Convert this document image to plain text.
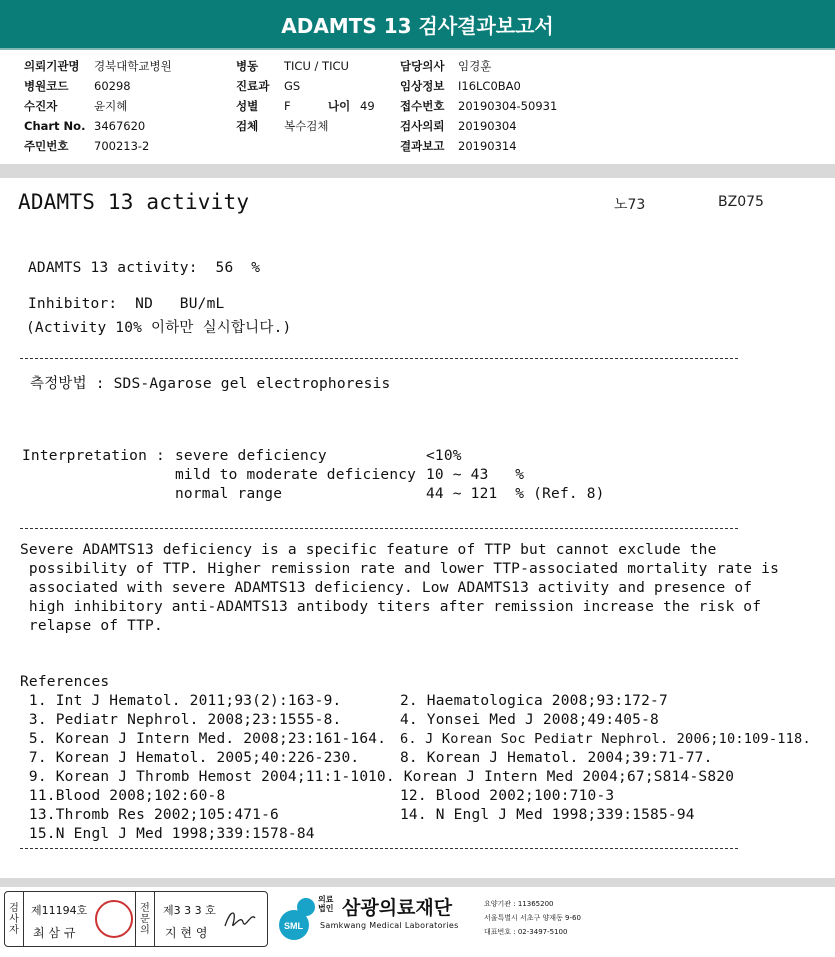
ADAMTS 13 검사결과보고서
의뢰기관명	경북대학교병원
병원코드	60298
수진자	윤지혜
Chart No. 3467620
주민번호	700213-2
병동	TICU / TICU
진료과	GS
성별	F	나이 49
검체	복수검체
담당의사	임경훈
임상정보	I16LC0BA0
접수번호	20190304-50931
검사의뢰	20190304
결과보고	20190314
ADAMTS 13 activity	노73	BZ075
ADAMTS 13 activity:  56  %
Inhibitor:  ND   BU/mL
(Activity 10% 이하만 실시합니다.)
측정방법 : SDS-Agarose gel electrophoresis
Interpretation : severe deficiency	<10%
mild to moderate deficiency 10 ~ 43   %
normal range	44 ~ 121  % (Ref. 8)
Severe ADAMTS13 deficiency is a specific feature of TTP but cannot exclude the
possibility of TTP. Higher remission rate and lower TTP-associated mortality rate is
associated with severe ADAMTS13 deficiency. Low ADAMTS13 activity and presence of
high inhibitory anti-ADAMTS13 antibody titers after remission increase the risk of
relapse of TTP.
References
1. Int J Hematol. 2011;93(2):163-9.
3. Pediatr Nephrol. 2008;23:1555-8.
5. Korean J Intern Med. 2008;23:161-164.
7. Korean J Hematol. 2005;40:226-230.
9. Korean J Thromb Hemost 2004;11:1-10
11.Blood 2008;102:60-8
13.Thromb Res 2002;105:471-6
15.N Engl J Med 1998;339:1578-84
2. Haematologica 2008;93:172-7
4. Yonsei Med J 2008;49:405-8
6. J Korean Soc Pediatr Nephrol. 2006;10:109-118.
8. Korean J Hematol. 2004;39:71-77.
10. Korean J Intern Med 2004;67;S814-S820
12. Blood 2002;100:710-3
14. N Engl J Med 1998;339:1585-94
검
사
자
제11194호
최 삼 규
전
문
의
제3 3 3 호
지 현 영	SML
의료
법인 삼광의료재단
Samkwang Medical Laboratories
요양기관 : 11365200
서울특별시 서초구 양재동 9-60
대표번호 : 02-3497-5100
